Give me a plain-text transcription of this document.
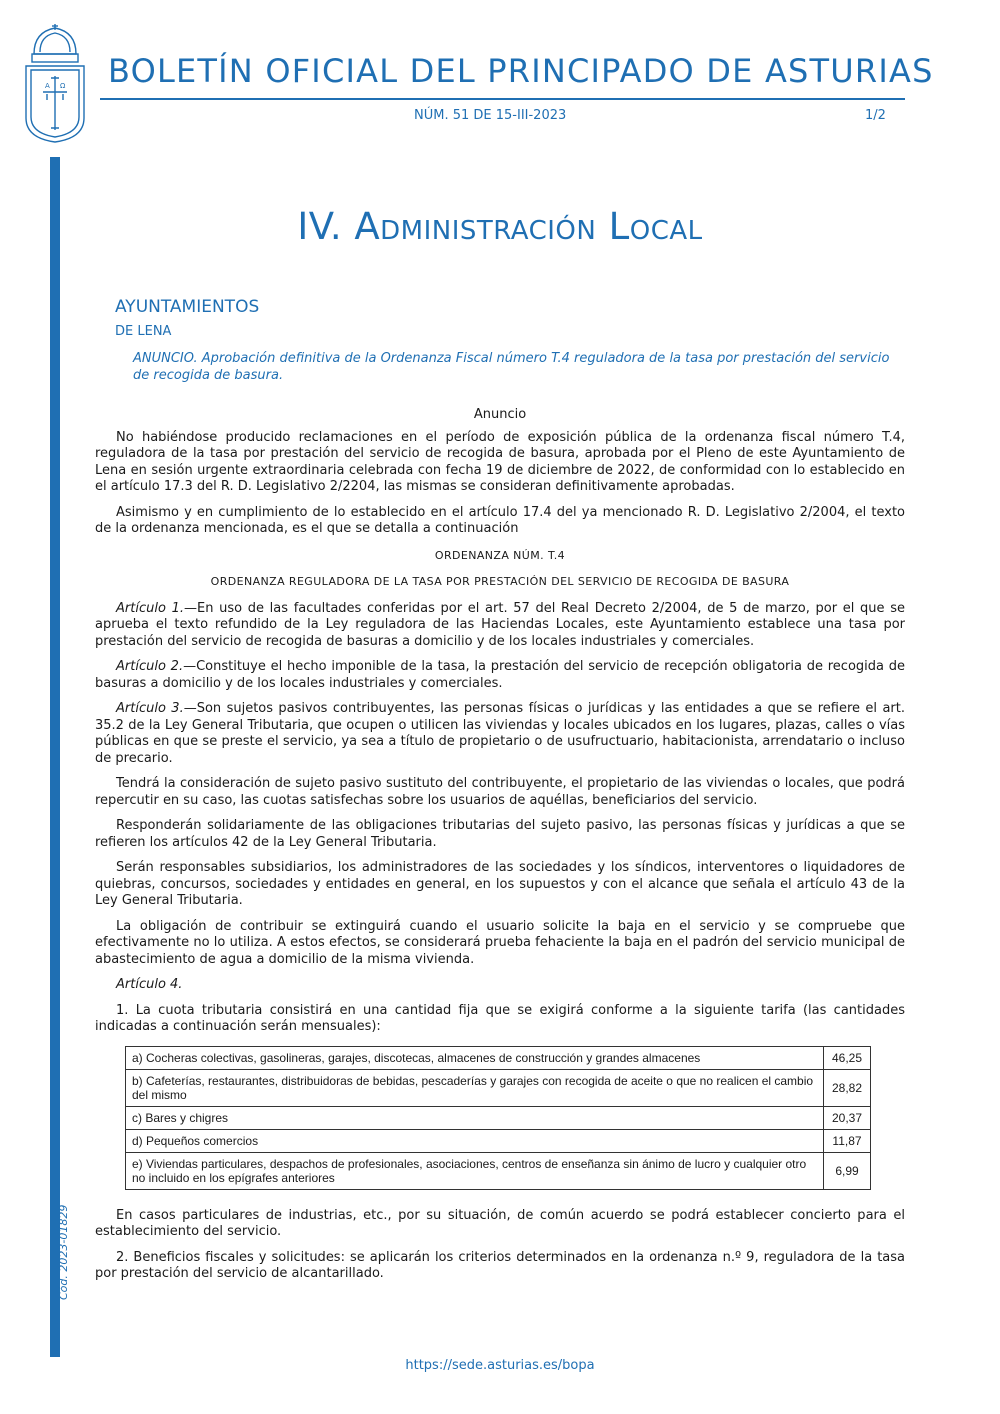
A Ω
Cód. 2023-01829
BOLETÍN OFICIAL DEL PRINCIPADO DE ASTURIAS
NÚM. 51 DE 15-III-2023	1/2
IV. Administración Local
AYUNTAMIENTOS
DE LENA
ANUNCIO. Aprobación definitiva de la Ordenanza Fiscal número T.4 reguladora de la tasa por prestación del servicio de recogida de basura.
Anuncio

No habiéndose producido reclamaciones en el período de exposición pública de la ordenanza fiscal número T.4, reguladora de la tasa por prestación del servicio de recogida de basura, aprobada por el Pleno de este Ayuntamiento de Lena en sesión urgente extraordinaria celebrada con fecha 19 de diciembre de 2022, de conformidad con lo establecido en el artículo 17.3 del R. D. Legislativo 2/2204, las mismas se consideran definitivamente aprobadas.

Asimismo y en cumplimiento de lo establecido en el artículo 17.4 del ya mencionado R. D. Legislativo 2/2004, el texto de la ordenanza mencionada, es el que se detalla a continuación

ORDENANZA NÚM. T.4
ORDENANZA REGULADORA DE LA TASA POR PRESTACIÓN DEL SERVICIO DE RECOGIDA DE BASURA

Artículo 1.—En uso de las facultades conferidas por el art. 57 del Real Decreto 2/2004, de 5 de marzo, por el que se aprueba el texto refundido de la Ley reguladora de las Haciendas Locales, este Ayuntamiento establece una tasa por prestación del servicio de recogida de basuras a domicilio y de los locales industriales y comerciales.

Artículo 2.—Constituye el hecho imponible de la tasa, la prestación del servicio de recepción obligatoria de recogida de basuras a domicilio y de los locales industriales y comerciales.

Artículo 3.—Son sujetos pasivos contribuyentes, las personas físicas o jurídicas y las entidades a que se refiere el art. 35.2 de la Ley General Tributaria, que ocupen o utilicen las viviendas y locales ubicados en los lugares, plazas, calles o vías públicas en que se preste el servicio, ya sea a título de propietario o de usufructuario, habitacionista, arrendatario o incluso de precario.

Tendrá la consideración de sujeto pasivo sustituto del contribuyente, el propietario de las viviendas o locales, que podrá repercutir en su caso, las cuotas satisfechas sobre los usuarios de aquéllas, beneficiarios del servicio.

Responderán solidariamente de las obligaciones tributarias del sujeto pasivo, las personas físicas y jurídicas a que se refieren los artículos 42 de la Ley General Tributaria.

Serán responsables subsidiarios, los administradores de las sociedades y los síndicos, interventores o liquidadores de quiebras, concursos, sociedades y entidades en general, en los supuestos y con el alcance que señala el artículo 43 de la Ley General Tributaria.

La obligación de contribuir se extinguirá cuando el usuario solicite la baja en el servicio y se compruebe que efectivamente no lo utiliza. A estos efectos, se considerará prueba fehaciente la baja en el padrón del servicio municipal de abastecimiento de agua a domicilio de la misma vivienda.

Artículo 4.

1. La cuota tributaria consistirá en una cantidad fija que se exigirá conforme a la siguiente tarifa (las cantidades indicadas a continuación serán mensuales):

a) Cocheras colectivas, gasolineras, garajes, discotecas, almacenes de construcción y grandes almacenes	46,25
b) Cafeterías, restaurantes, distribuidoras de bebidas, pescaderías y garajes con recogida de aceite o que no realicen el cambio del mismo	28,82
c) Bares y chigres	20,37
d) Pequeños comercios	11,87
e) Viviendas particulares, despachos de profesionales, asociaciones, centros de enseñanza sin ánimo de lucro y cualquier otro no incluido en los epígrafes anteriores	6,99

En casos particulares de industrias, etc., por su situación, de común acuerdo se podrá establecer concierto para el establecimiento del servicio.

2. Beneficios fiscales y solicitudes: se aplicarán los criterios determinados en la ordenanza n.º 9, reguladora de la tasa por prestación del servicio de alcantarillado.

https://sede.asturias.es/bopa
